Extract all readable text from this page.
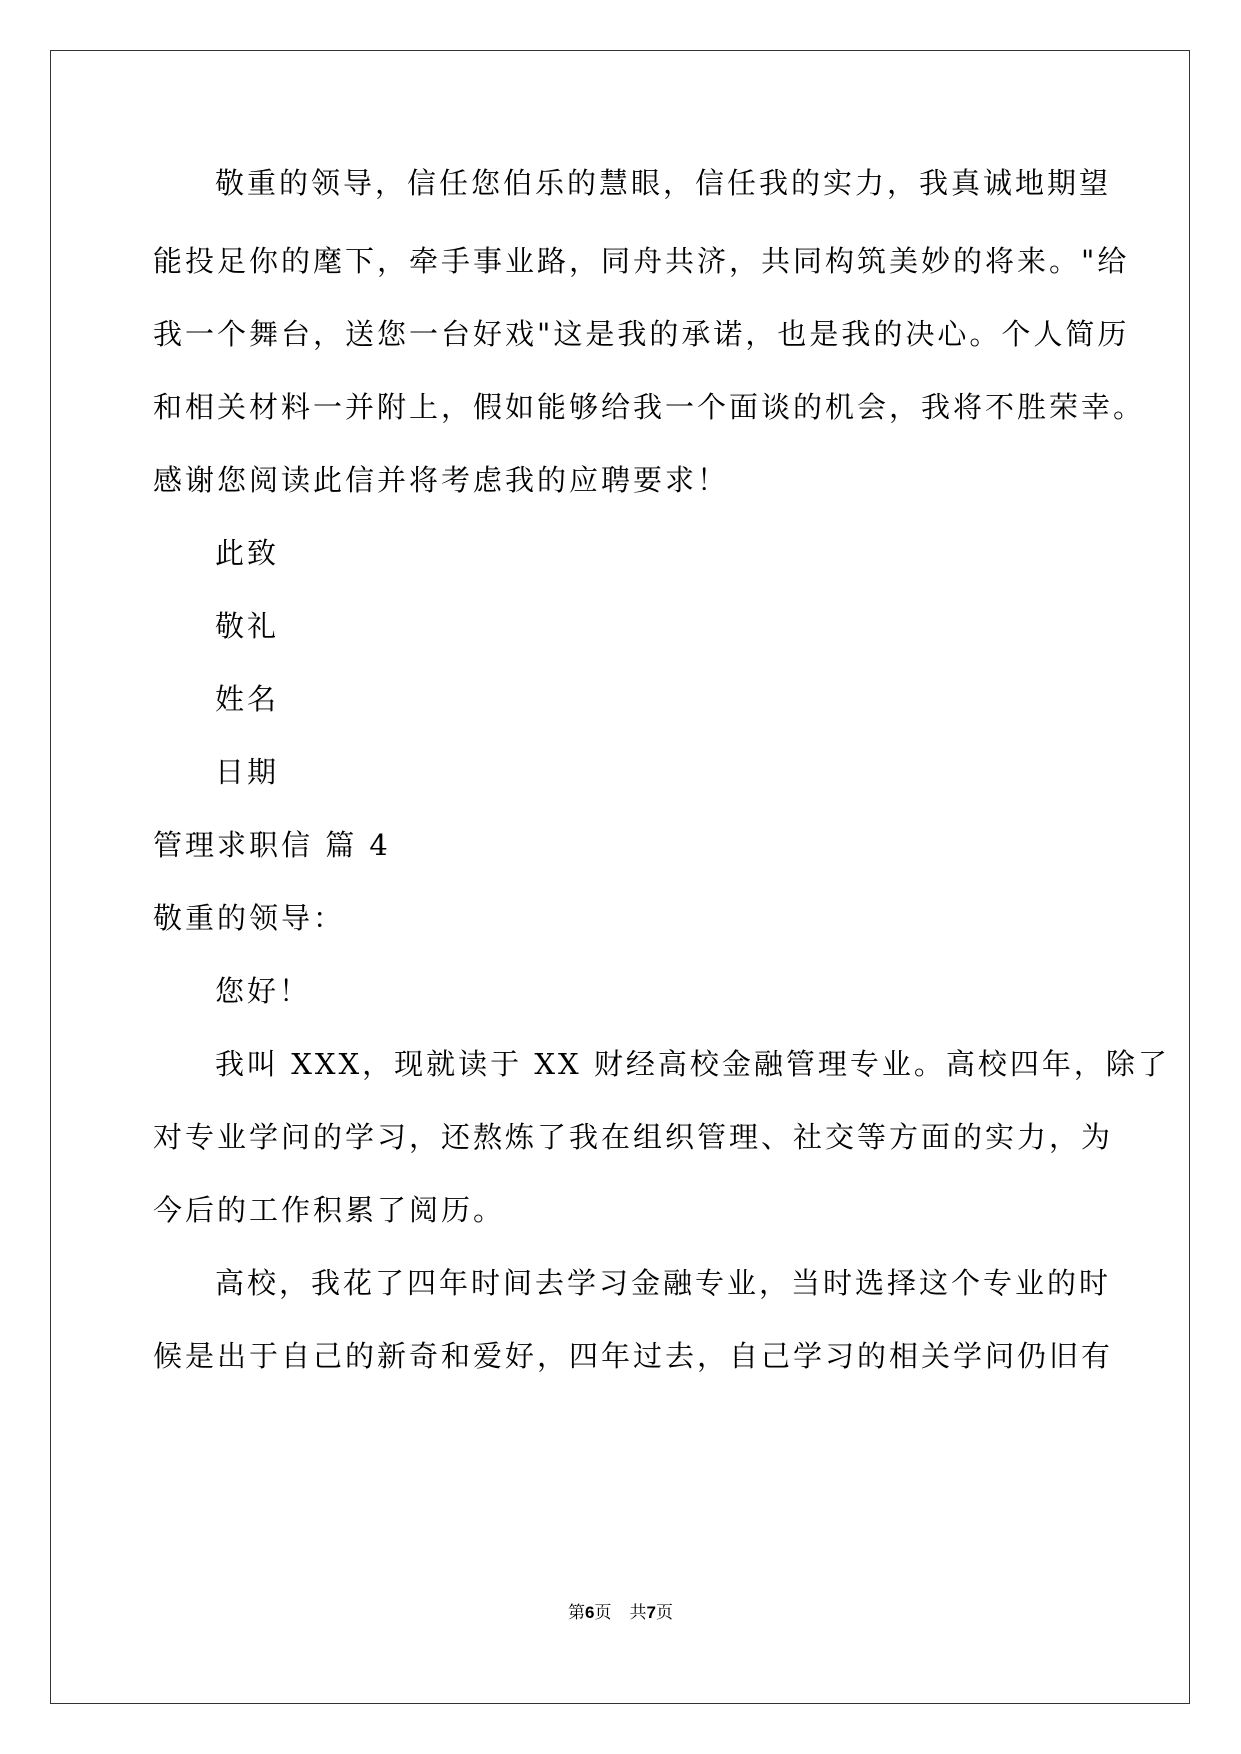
敬重的领导，信任您伯乐的慧眼，信任我的实力，我真诚地期望
能投足你的麾下，牵手事业路，同舟共济，共同构筑美妙的将来。"给
我一个舞台，送您一台好戏"这是我的承诺，也是我的决心。个人简历
和相关材料一并附上，假如能够给我一个面谈的机会，我将不胜荣幸。
感谢您阅读此信并将考虑我的应聘要求！
此致
敬礼
姓名
日期
管理求职信 篇 4
敬重的领导：
您好！
我叫 XXX，现就读于 XX 财经高校金融管理专业。高校四年，除了
对专业学问的学习，还熬炼了我在组织管理、社交等方面的实力，为
今后的工作积累了阅历。
高校，我花了四年时间去学习金融专业，当时选择这个专业的时
候是出于自己的新奇和爱好，四年过去，自己学习的相关学问仍旧有
第6页 共7页
